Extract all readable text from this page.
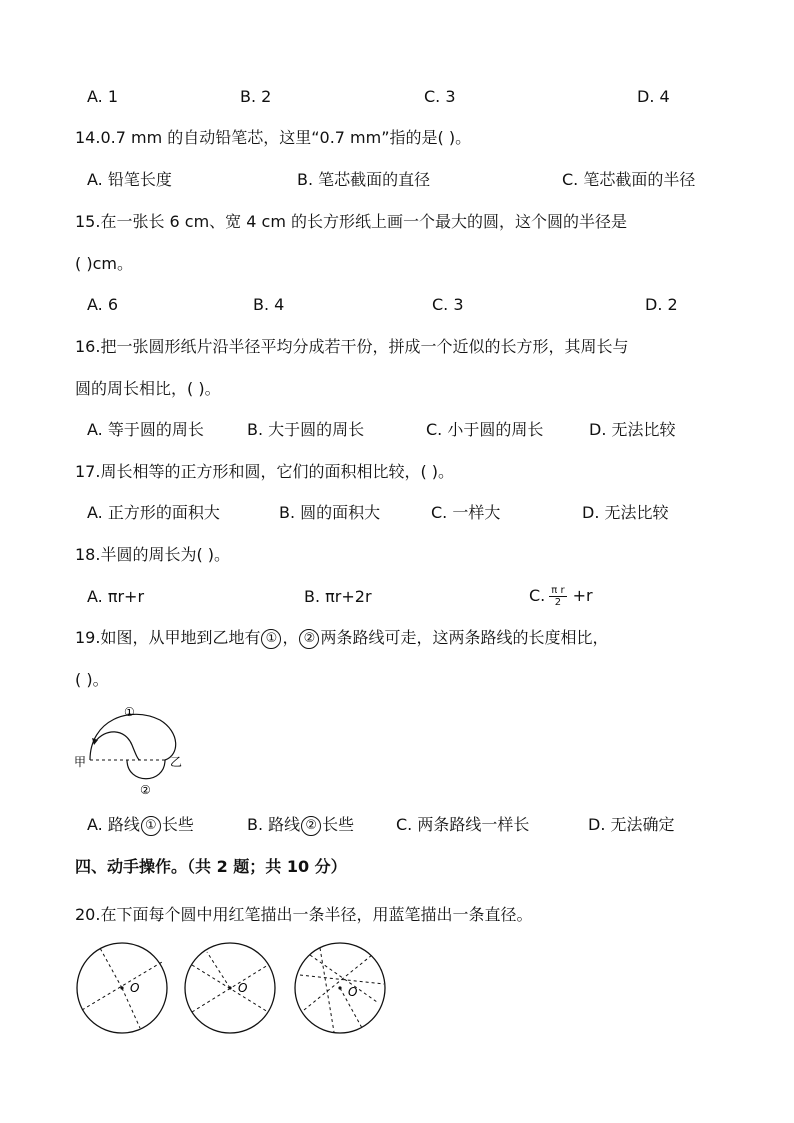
A. 1	B. 2	C. 3	D. 4
14.0.7 mm 的自动铅笔芯，这里“0.7 mm”指的是( )。
A. 铅笔长度	B. 笔芯截面的直径	C. 笔芯截面的半径
15.在一张长 6 cm、宽 4 cm 的长方形纸上画一个最大的圆，这个圆的半径是
( )cm。
A. 6	B. 4	C. 3	D. 2
16.把一张圆形纸片沿半径平均分成若干份，拼成一个近似的长方形，其周长与
圆的周长相比，( )。
A. 等于圆的周长	B. 大于圆的周长	C. 小于圆的周长	D. 无法比较
17.周长相等的正方形和圆，它们的面积相比较，( )。
A. 正方形的面积大	B. 圆的面积大	C. 一样大	D. 无法比较
18.半圆的周长为( )。
A. πr+r	B. πr+2r	C. $\frac{\text{π r}}{2} +r$
19.如图，从甲地到乙地有 ① ， ② 两条路线可走，这两条路线的长度相比，
( )。
甲	乙
①
②
A. 路线 ① 长些	B. 路线 ② 长些	C. 两条路线一样长	D. 无法确定
四、动手操作。（共 2 题；共 10 分）
20.在下面每个圆中用红笔描出一条半径，用蓝笔描出一条直径。
O	O	O
